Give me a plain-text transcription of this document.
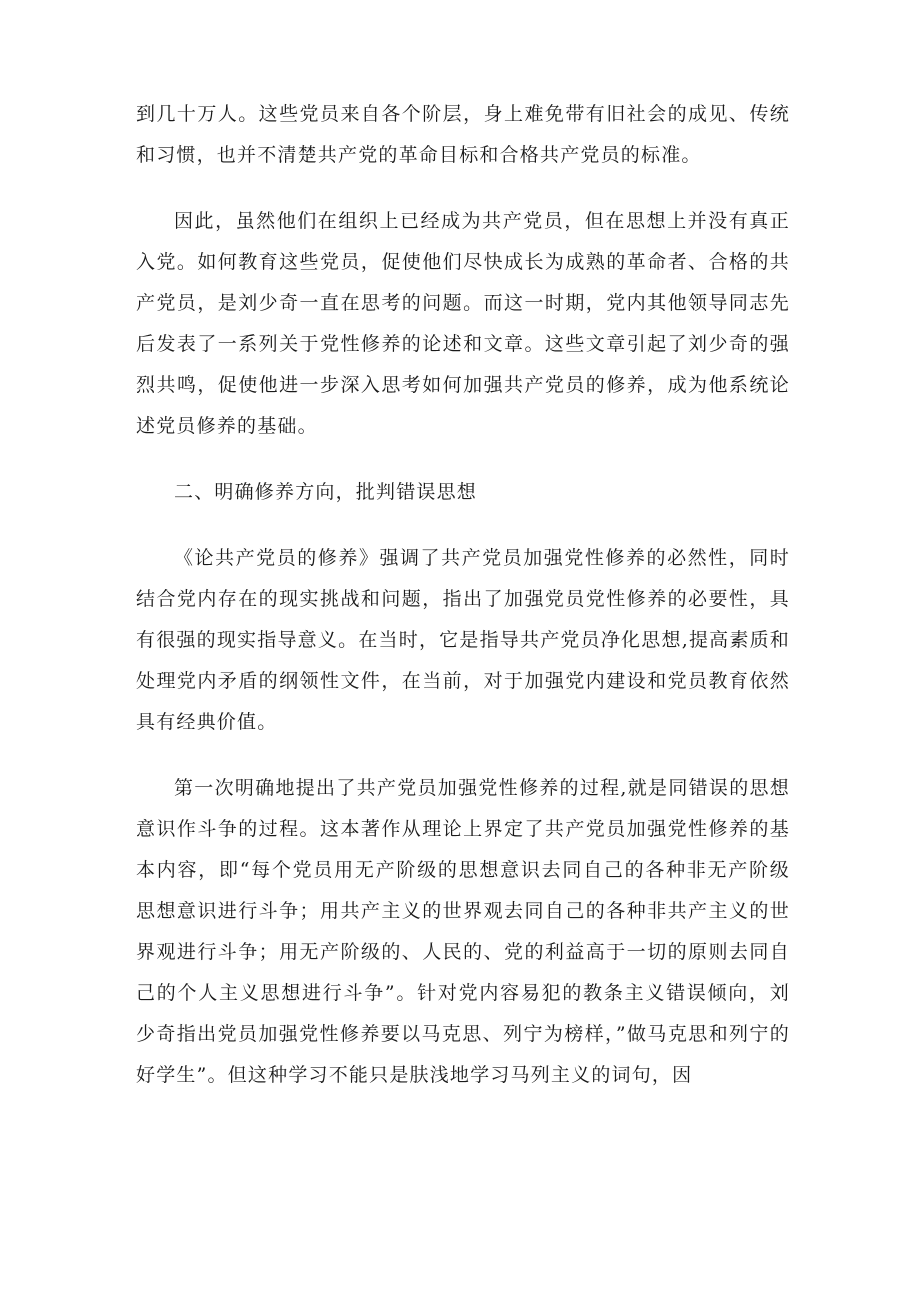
到几十万人。这些党员来自各个阶层，身上难免带有旧社会的成见、传统和习惯，也并不清楚共产党的革命目标和合格共产党员的标准。

因此，虽然他们在组织上已经成为共产党员，但在思想上并没有真正入党。如何教育这些党员，促使他们尽快成长为成熟的革命者、合格的共产党员，是刘少奇一直在思考的问题。而这一时期，党内其他领导同志先后发表了一系列关于党性修养的论述和文章。这些文章引起了刘少奇的强烈共鸣，促使他进一步深入思考如何加强共产党员的修养，成为他系统论述党员修养的基础。

二、明确修养方向，批判错误思想

《论共产党员的修养》强调了共产党员加强党性修养的必然性，同时结合党内存在的现实挑战和问题，指出了加强党员党性修养的必要性，具有很强的现实指导意义。在当时，它是指导共产党员净化思想,提高素质和处理党内矛盾的纲领性文件，在当前，对于加强党内建设和党员教育依然具有经典价值。

第一次明确地提出了共产党员加强党性修养的过程,就是同错误的思想意识作斗争的过程。这本著作从理论上界定了共产党员加强党性修养的基本内容，即“每个党员用无产阶级的思想意识去同自己的各种非无产阶级思想意识进行斗争；用共产主义的世界观去同自己的各种非共产主义的世界观进行斗争；用无产阶级的、人民的、党的利益高于一切的原则去同自己的个人主义思想进行斗争”。针对党内容易犯的教条主义错误倾向，刘少奇指出党员加强党性修养要以马克思、列宁为榜样，”做马克思和列宁的好学生”。但这种学习不能只是肤浅地学习马列主义的词句，因
